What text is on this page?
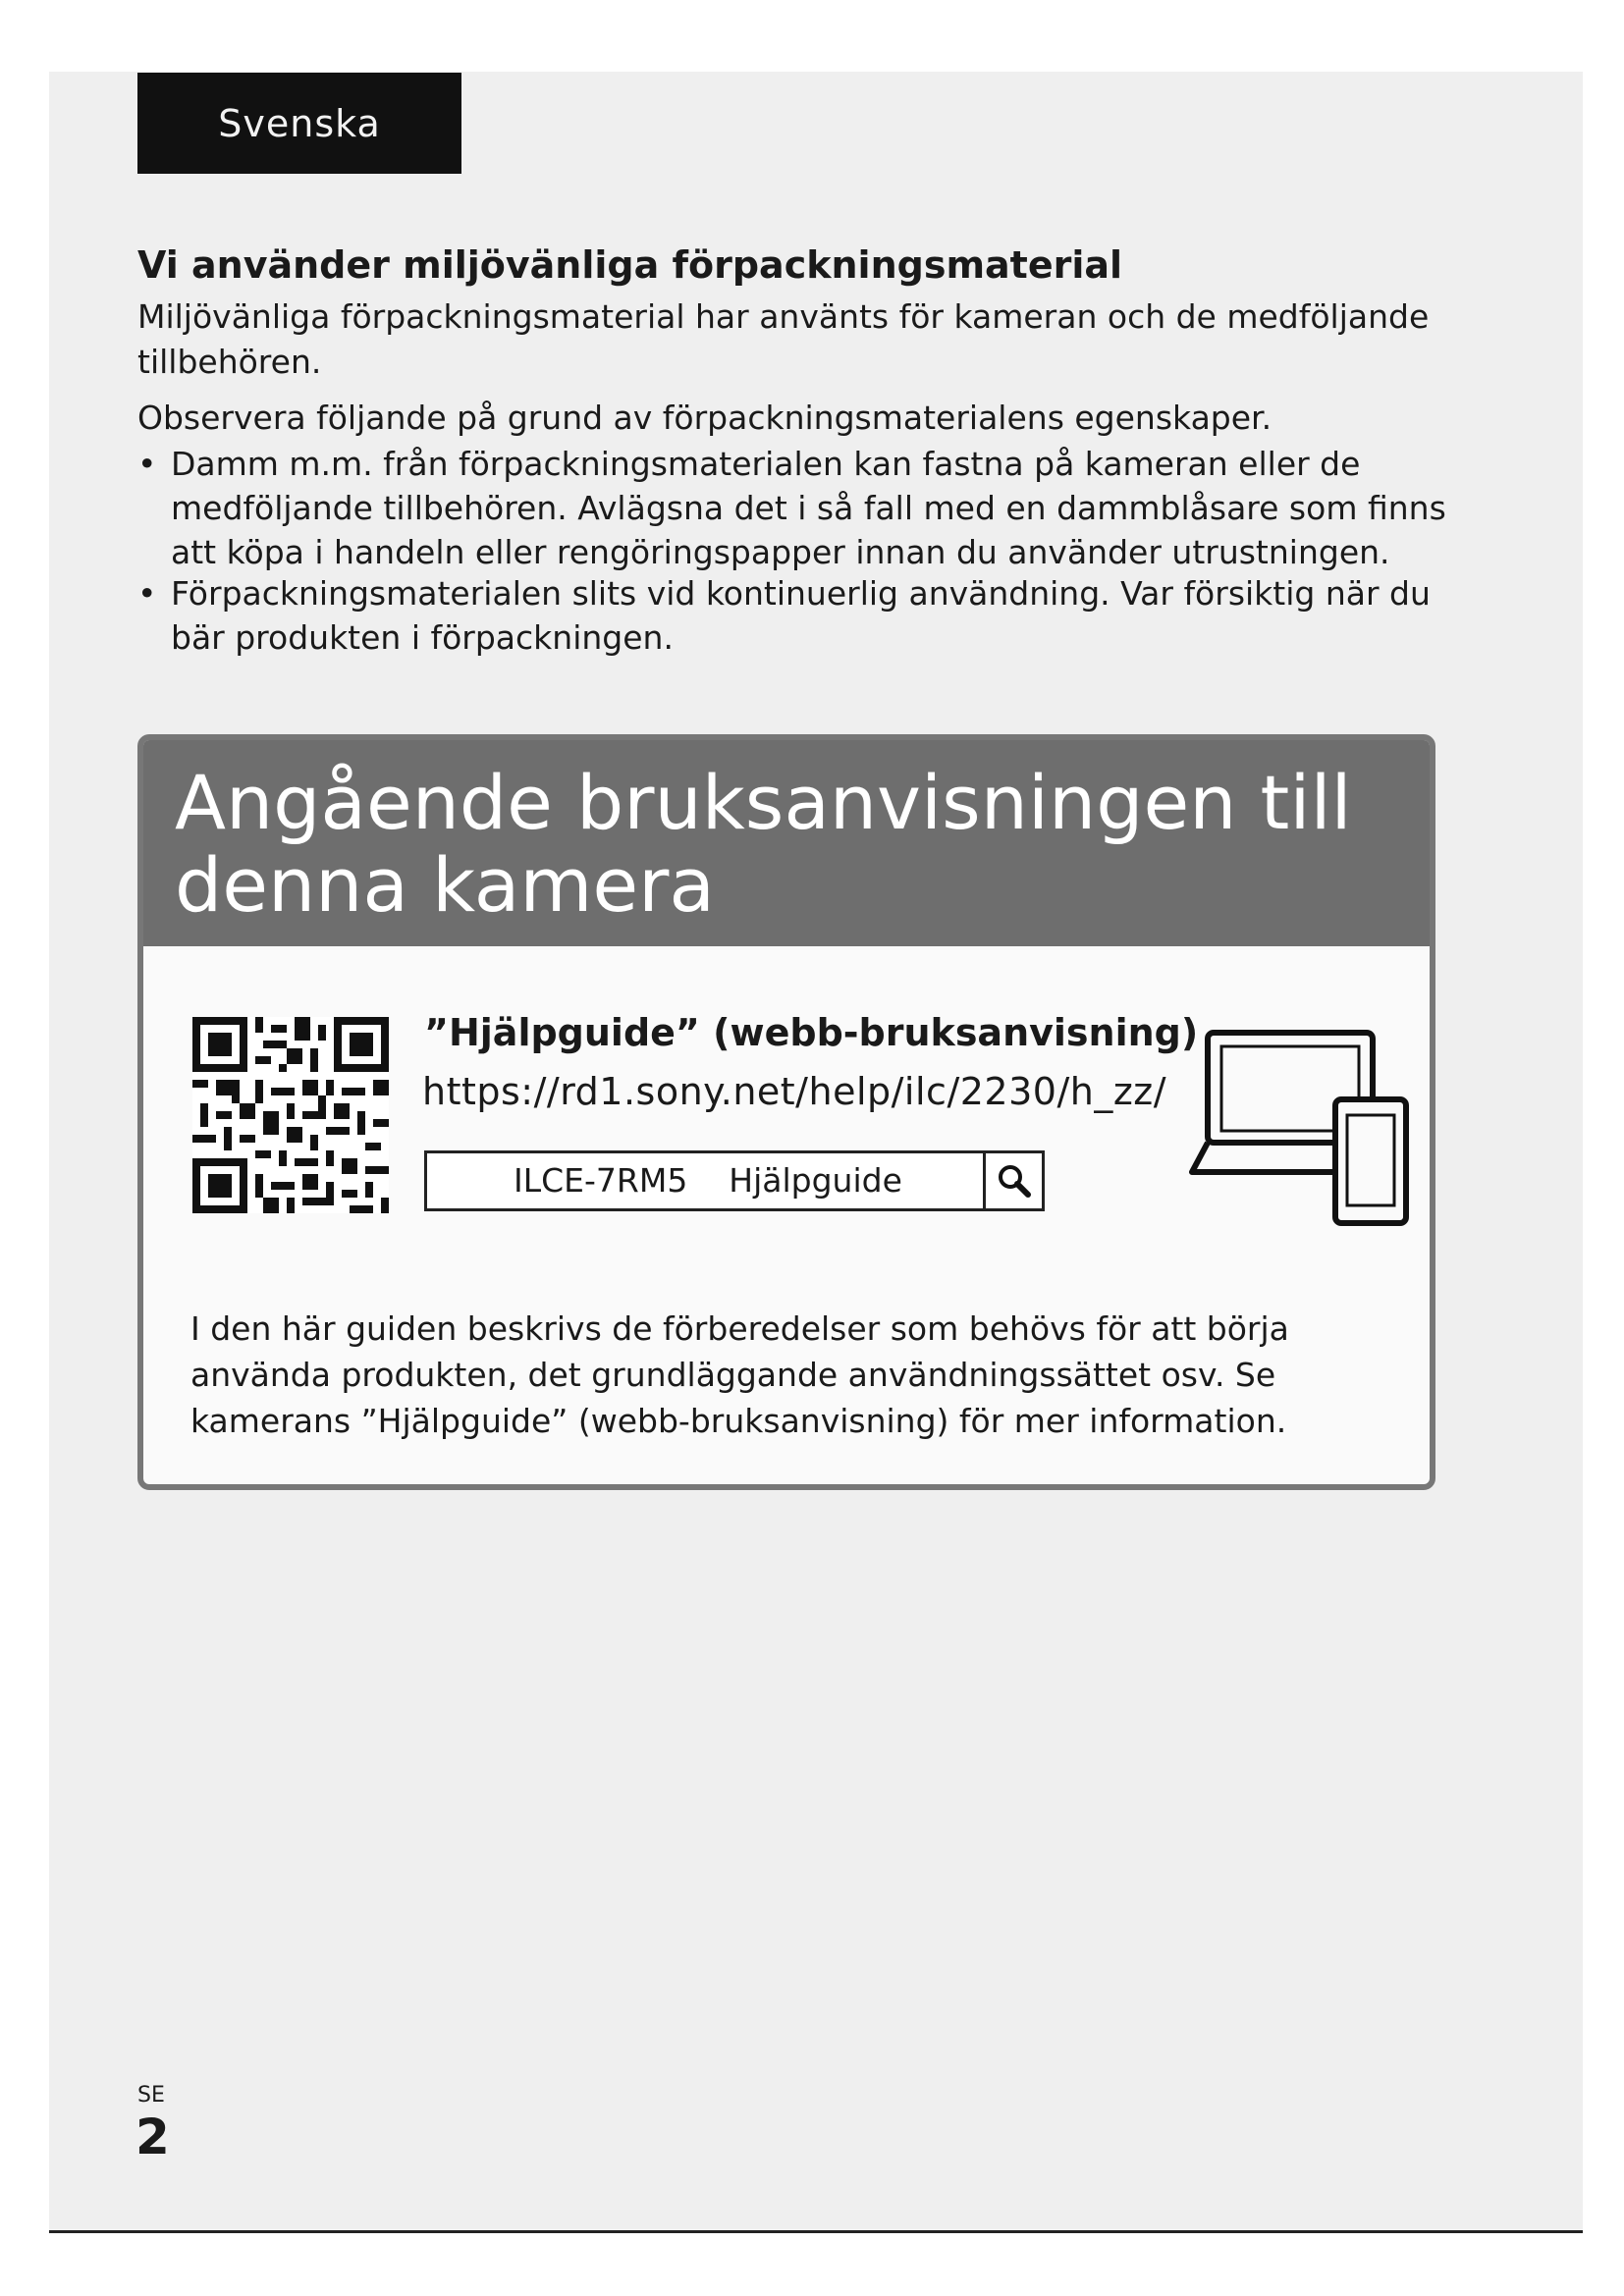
Svenska
Vi använder miljövänliga förpackningsmaterial

Miljövänliga förpackningsmaterial har använts för kameran och de medföljande
tillbehören.

Observera följande på grund av förpackningsmaterialens egenskaper.

• Damm m.m. från förpackningsmaterialen kan fastna på kameran eller de
medföljande tillbehören. Avlägsna det i så fall med en dammblåsare som finns
att köpa i handeln eller rengöringspapper innan du använder utrustningen.
• Förpackningsmaterialen slits vid kontinuerlig användning. Var försiktig när du
bär produkten i förpackningen.
Angående bruksanvisningen till
denna kamera
”Hjälpguide” (webb-bruksanvisning)
https://rd1.sony.net/help/ilc/2230/h_zz/
ILCE-7RM5    Hjälpguide

I den här guiden beskrivs de förberedelser som behövs för att börja
använda produkten, det grundläggande användningssättet osv. Se
kamerans ”Hjälpguide” (webb-bruksanvisning) för mer information.

SE
2
